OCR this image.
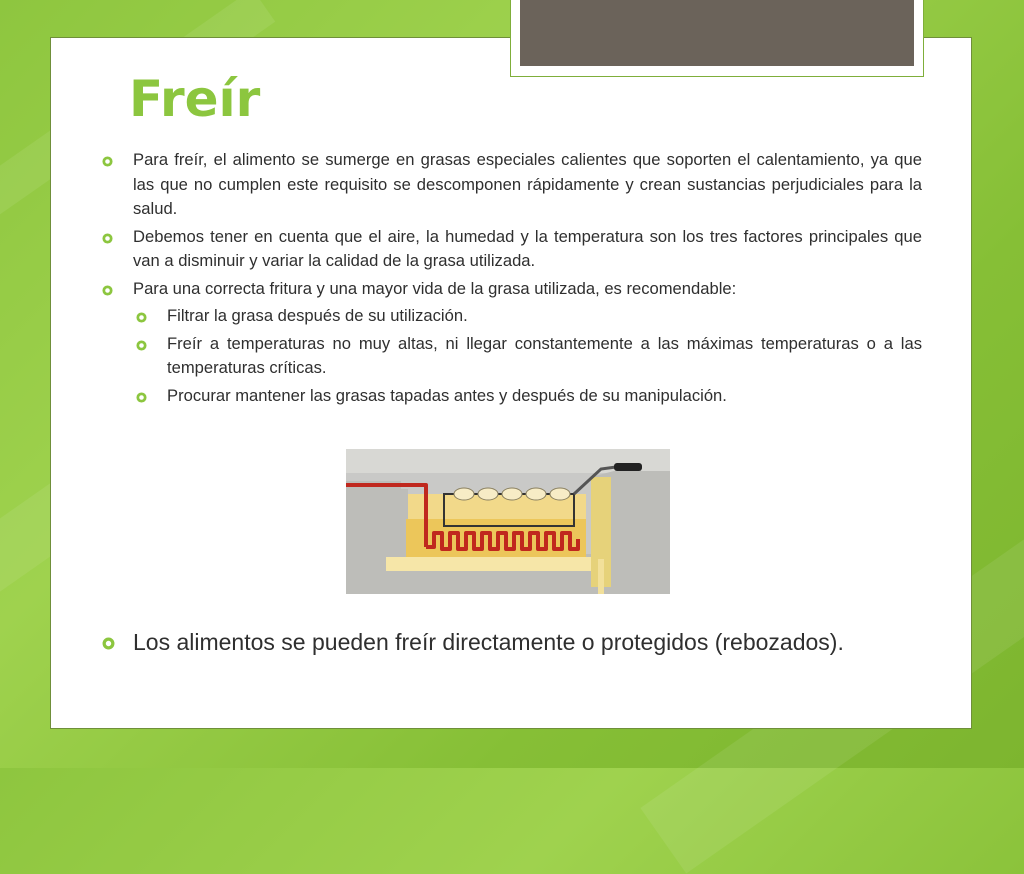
Freír
Para freír, el alimento se sumerge en grasas especiales calientes que soporten el calentamiento, ya que las que no cumplen este requisito se descomponen rápidamente y crean sustancias perjudiciales para la salud.
Debemos tener en cuenta que el aire, la humedad y la temperatura son los tres factores principales que van a disminuir y variar la calidad de la grasa utilizada.
Para una correcta fritura y una mayor vida de la grasa utilizada, es recomendable:
Filtrar la grasa después de su utilización.
Freír a temperaturas no muy altas, ni llegar constantemente a las máximas temperaturas o a las temperaturas críticas.
Procurar mantener las grasas tapadas antes y después de su manipulación.
Los alimentos se pueden freír directamente o protegidos (rebozados).
